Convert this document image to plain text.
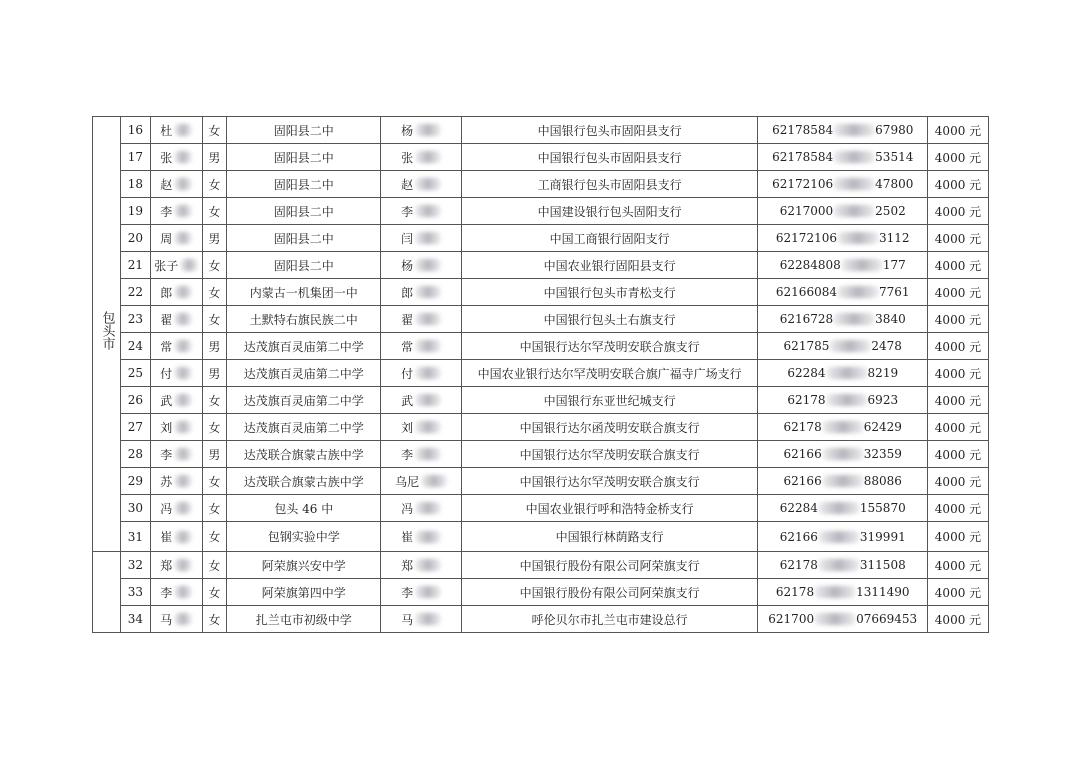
包头市	16	杜	女	固阳县二中	杨	中国银行包头市固阳县支行	62178584 67980	4000 元
	17	张	男	固阳县二中	张	中国银行包头市固阳县支行	62178584 53514	4000 元
	18	赵	女	固阳县二中	赵	工商银行包头市固阳县支行	62172106 47800	4000 元
	19	李	女	固阳县二中	李	中国建设银行包头固阳支行	6217000 2502	4000 元
	20	周	男	固阳县二中	闫	中国工商银行固阳支行	62172106 3112	4000 元
	21	张子	女	固阳县二中	杨	中国农业银行固阳县支行	62284808 177	4000 元
	22	郎	女	内蒙古一机集团一中	郎	中国银行包头市青松支行	62166084 7761	4000 元
	23	翟	女	土默特右旗民族二中	翟	中国银行包头土右旗支行	6216728 3840	4000 元
	24	常	男	达茂旗百灵庙第二中学	常	中国银行达尔罕茂明安联合旗支行	621785 2478	4000 元
	25	付	男	达茂旗百灵庙第二中学	付	中国农业银行达尔罕茂明安联合旗广福寺广场支行	62284 8219	4000 元
	26	武	女	达茂旗百灵庙第二中学	武	中国银行东亚世纪城支行	62178 6923	4000 元
	27	刘	女	达茂旗百灵庙第二中学	刘	中国银行达尔函茂明安联合旗支行	62178 62429	4000 元
	28	李	男	达茂联合旗蒙古族中学	李	中国银行达尔罕茂明安联合旗支行	62166 32359	4000 元
	29	苏	女	达茂联合旗蒙古族中学	乌尼	中国银行达尔罕茂明安联合旗支行	62166 88086	4000 元
	30	冯	女	包头 46 中	冯	中国农业银行呼和浩特金桥支行	62284 155870	4000 元
	31	崔	女	包钢实验中学	崔	中国银行林荫路支行	62166 319991	4000 元
	32	郑	女	阿荣旗兴安中学	郑	中国银行股份有限公司阿荣旗支行	62178 311508	4000 元
	33	李	女	阿荣旗第四中学	李	中国银行股份有限公司阿荣旗支行	62178 1311490	4000 元
	34	马	女	扎兰屯市初级中学	马	呼伦贝尔市扎兰屯市建设总行	621700 07669453	4000 元
